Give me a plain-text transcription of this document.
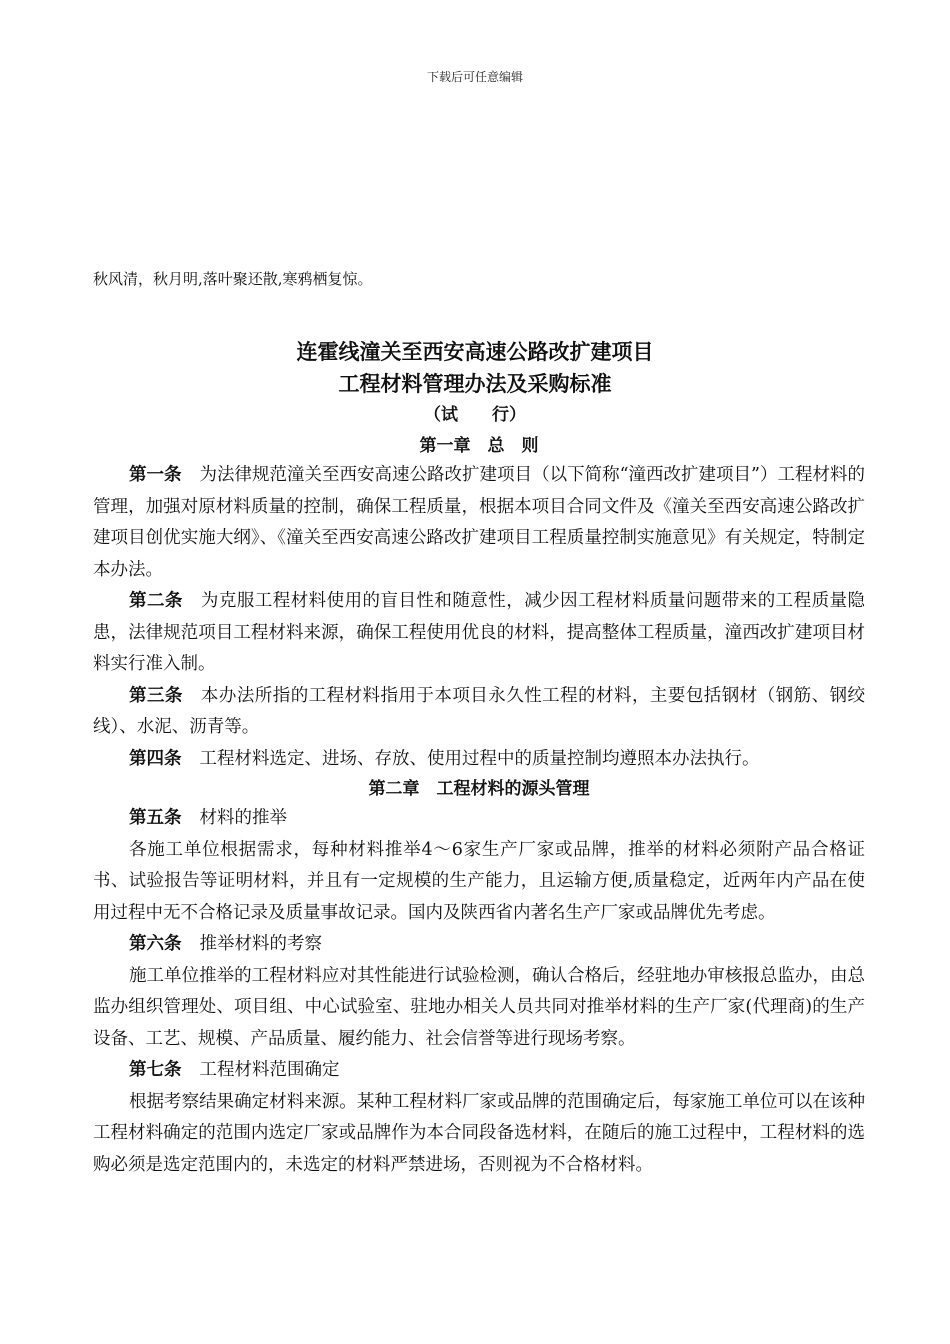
下载后可任意编辑
秋风清，秋月明,落叶聚还散,寒鸦栖复惊。
连霍线潼关至西安高速公路改扩建项目
工程材料管理办法及采购标准
（试　　行）
第一章　总　则

第一条 为法律规范潼关至西安高速公路改扩建项目（以下简称“潼西改扩建项目”）工程材料的管理，加强对原材料质量的控制，确保工程质量，根据本项目合同文件及《潼关至西安高速公路改扩建项目创优实施大纲》、《潼关至西安高速公路改扩建项目工程质量控制实施意见》有关规定，特制定本办法。

第二条 为克服工程材料使用的盲目性和随意性，减少因工程材料质量问题带来的工程质量隐患，法律规范项目工程材料来源，确保工程使用优良的材料，提高整体工程质量，潼西改扩建项目材料实行准入制。

第三条 本办法所指的工程材料指用于本项目永久性工程的材料，主要包括钢材（钢筋、钢绞线）、水泥、沥青等。

第四条 工程材料选定、进场、存放、使用过程中的质量控制均遵照本办法执行。

第二章　工程材料的源头管理

第五条 材料的推举

各施工单位根据需求，每种材料推举4～6家生产厂家或品牌，推举的材料必须附产品合格证书、试验报告等证明材料，并且有一定规模的生产能力，且运输方便,质量稳定，近两年内产品在使用过程中无不合格记录及质量事故记录。国内及陕西省内著名生产厂家或品牌优先考虑。

第六条 推举材料的考察

施工单位推举的工程材料应对其性能进行试验检测，确认合格后，经驻地办审核报总监办，由总监办组织管理处、项目组、中心试验室、驻地办相关人员共同对推举材料的生产厂家(代理商)的生产设备、工艺、规模、产品质量、履约能力、社会信誉等进行现场考察。

第七条 工程材料范围确定

根据考察结果确定材料来源。某种工程材料厂家或品牌的范围确定后，每家施工单位可以在该种工程材料确定的范围内选定厂家或品牌作为本合同段备选材料，在随后的施工过程中，工程材料的选购必须是选定范围内的，未选定的材料严禁进场，否则视为不合格材料。
